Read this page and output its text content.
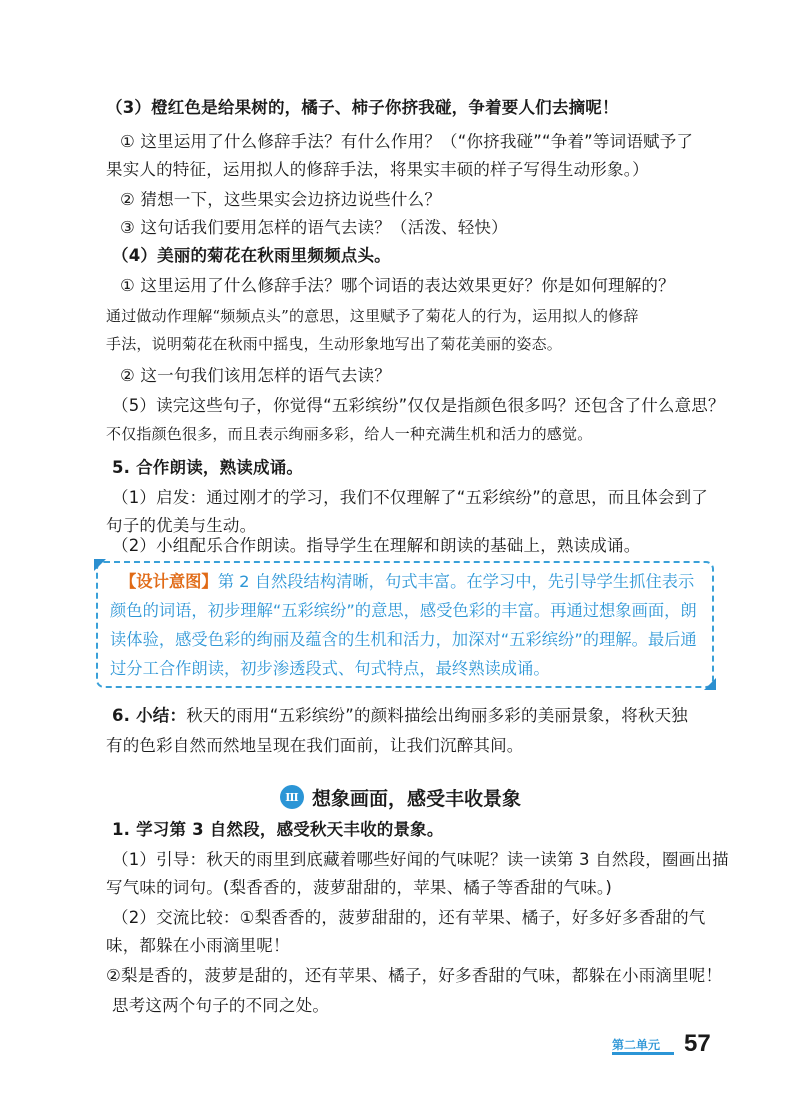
（3）橙红色是给果树的，橘子、柿子你挤我碰，争着要人们去摘呢！
① 这里运用了什么修辞手法？有什么作用？（“你挤我碰”“争着”等词语赋予了
果实人的特征，运用拟人的修辞手法，将果实丰硕的样子写得生动形象。）
② 猜想一下，这些果实会边挤边说些什么？
③ 这句话我们要用怎样的语气去读？（活泼、轻快）
（4）美丽的菊花在秋雨里频频点头。
① 这里运用了什么修辞手法？哪个词语的表达效果更好？你是如何理解的？
通过做动作理解“频频点头”的意思，这里赋予了菊花人的行为，运用拟人的修辞
手法，说明菊花在秋雨中摇曳，生动形象地写出了菊花美丽的姿态。
② 这一句我们该用怎样的语气去读？
（5）读完这些句子，你觉得“五彩缤纷”仅仅是指颜色很多吗？还包含了什么意思？
不仅指颜色很多，而且表示绚丽多彩，给人一种充满生机和活力的感觉。
5. 合作朗读，熟读成诵。
（1）启发：通过刚才的学习，我们不仅理解了“五彩缤纷”的意思，而且体会到了
句子的优美与生动。
（2）小组配乐合作朗读。指导学生在理解和朗读的基础上，熟读成诵。
【设计意图】第 2 自然段结构清晰，句式丰富。在学习中，先引导学生抓住表示
颜色的词语，初步理解“五彩缤纷”的意思，感受色彩的丰富。再通过想象画面，朗
读体验，感受色彩的绚丽及蕴含的生机和活力，加深对“五彩缤纷”的理解。最后通
过分工合作朗读，初步渗透段式、句式特点，最终熟读成诵。
6. 小结：秋天的雨用“五彩缤纷”的颜料描绘出绚丽多彩的美丽景象，将秋天独
有的色彩自然而然地呈现在我们面前，让我们沉醉其间。
Ⅲ 想象画面，感受丰收景象
1. 学习第 3 自然段，感受秋天丰收的景象。
（1）引导：秋天的雨里到底藏着哪些好闻的气味呢？读一读第 3 自然段，圈画出描
写气味的词句。(梨香香的，菠萝甜甜的，苹果、橘子等香甜的气味。)
（2）交流比较：①梨香香的，菠萝甜甜的，还有苹果、橘子，好多好多香甜的气
味，都躲在小雨滴里呢！
②梨是香的，菠萝是甜的，还有苹果、橘子，好多香甜的气味，都躲在小雨滴里呢！
思考这两个句子的不同之处。
第二单元 57
